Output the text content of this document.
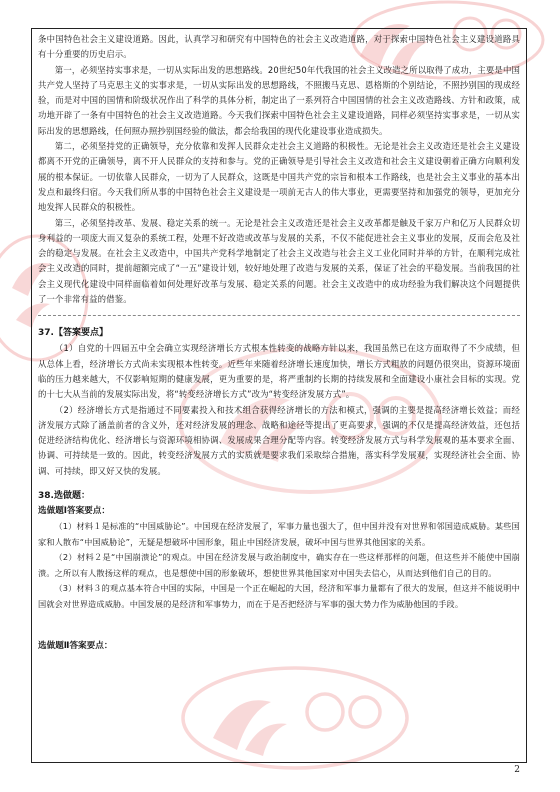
条中国特色社会主义建设道路。因此，认真学习和研究有中国特色的社会主义改造道路，对于探索中国特色社会主义建设道路具有十分重要的历史启示。

第一，必须坚持实事求是，一切从实际出发的思想路线。20世纪50年代我国的社会主义改造之所以取得了成功，主要是中国共产党人坚持了马克思主义的实事求是，一切从实际出发的思想路线，不照搬马克思、恩格斯的个别结论，不照抄别国的现成经验，而是对中国的国情和阶级状况作出了科学的具体分析，制定出了一系列符合中国国情的社会主义改造路线、方针和政策，成功地开辟了一条有中国特色的社会主义改造道路。今天我们探索中国特色社会主义建设道路，同样必须坚持实事求是，一切从实际出发的思想路线，任何照办照抄别国经验的做法，都会给我国的现代化建设事业造成损失。

第二，必须坚持党的正确领导，充分依靠和发挥人民群众走社会主义道路的积极性。无论是社会主义改造还是社会主义建设都离不开党的正确领导，离不开人民群众的支持和参与。党的正确领导是引导社会主义改造和社会主义建设朝着正确方向顺利发展的根本保证。一切依靠人民群众，一切为了人民群众，这既是中国共产党的宗旨和根本工作路线，也是社会主义事业的基本出发点和最终归宿。今天我们所从事的中国特色社会主义建设是一项前无古人的伟大事业，更需要坚持和加强党的领导，更加充分地发挥人民群众的积极性。

第三，必须坚持改革、发展、稳定关系的统一。无论是社会主义改造还是社会主义改革都是触及千家万户和亿万人民群众切身利益的一项庞大而又复杂的系统工程，处理不好改造或改革与发展的关系，不仅不能促进社会主义事业的发展，反而会危及社会的稳定与发展。在社会主义改造中，中国共产党科学地制定了社会主义改造与社会主义工业化同时并举的方针，在顺利完成社会主义改造的同时，提前超额完成了“一五”建设计划，较好地处理了改造与发展的关系，保证了社会的平稳发展。当前我国的社会主义现代化建设中同样面临着如何处理好改革与发展、稳定关系的问题。社会主义改造中的成功经验为我们解决这个问题提供了一个非常有益的借鉴。

37.【答案要点】

（1）自党的十四届五中全会确立实现经济增长方式根本性转变的战略方针以来，我国虽然已在这方面取得了不少成绩，但从总体上看，经济增长方式尚未实现根本性转变。近些年来随着经济增长速度加快，增长方式粗放的问题仍很突出，资源环境面临的压力越来越大，不仅影响短期的健康发展，更为重要的是，将严重制约长期的持续发展和全面建设小康社会目标的实现。党的十七大从当前的发展实际出发，将“转变经济增长方式”改为“转变经济发展方式”。

（2）经济增长方式是指通过不同要素投入和技术组合获得经济增长的方法和模式，强调的主要是提高经济增长效益；而经济发展方式除了涵盖前者的含义外，还对经济发展的理念、战略和途径等提出了更高要求，强调的不仅是提高经济效益，还包括促进经济结构优化、经济增长与资源环境相协调、发展成果合理分配等内容。转变经济发展方式与科学发展观的基本要求全面、协调、可持续是一致的。因此，转变经济发展方式的实质就是要求我们采取综合措施，落实科学发展观，实现经济社会全面、协调、可持续，即又好又快的发展。

38.选做题：

选做题Ⅰ答案要点：

（1）材料１是标准的“中国威胁论”。中国现在经济发展了，军事力量也强大了，但中国并没有对世界和邻国造成威胁。某些国家和人散布“中国威胁论”，无疑是想破坏中国形象，阻止中国经济发展，破坏中国与世界其他国家的关系。

（2）材料２是“中国崩溃论”的观点。中国在经济发展与政治制度中，确实存在一些这样那样的问题，但这些并不能使中国崩溃。之所以有人散扬这样的观点，也是想使中国的形象破坏，想使世界其他国家对中国失去信心，从而达到他们自己的目的。

（3）材料３的观点基本符合中国的实际，中国是一个正在崛起的大国，经济和军事力量都有了很大的发展，但这并不能说明中国就会对世界造成威胁。中国发展的是经济和军事势力，而在于是否把经济与军事的强大势力作为威胁他国的手段。

选做题Ⅱ答案要点：

2
